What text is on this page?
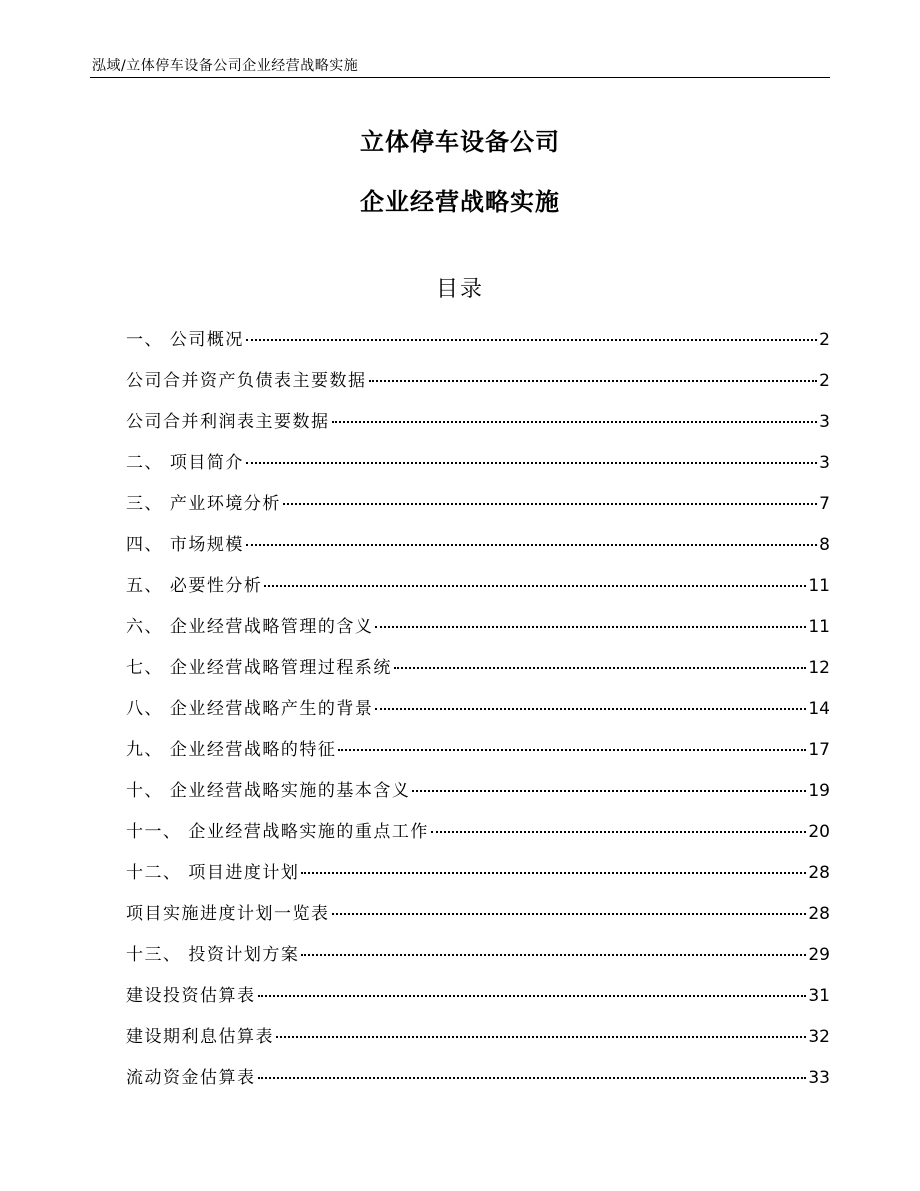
泓域/立体停车设备公司企业经营战略实施
立体停车设备公司
企业经营战略实施
目录
一、 公司概况	2
公司合并资产负债表主要数据	2
公司合并利润表主要数据	3
二、 项目简介	3
三、 产业环境分析	7
四、 市场规模	8
五、 必要性分析	11
六、 企业经营战略管理的含义	11
七、 企业经营战略管理过程系统	12
八、 企业经营战略产生的背景	14
九、 企业经营战略的特征	17
十、 企业经营战略实施的基本含义	19
十一、 企业经营战略实施的重点工作	20
十二、 项目进度计划	28
项目实施进度计划一览表	28
十三、 投资计划方案	29
建设投资估算表	31
建设期利息估算表	32
流动资金估算表	33
